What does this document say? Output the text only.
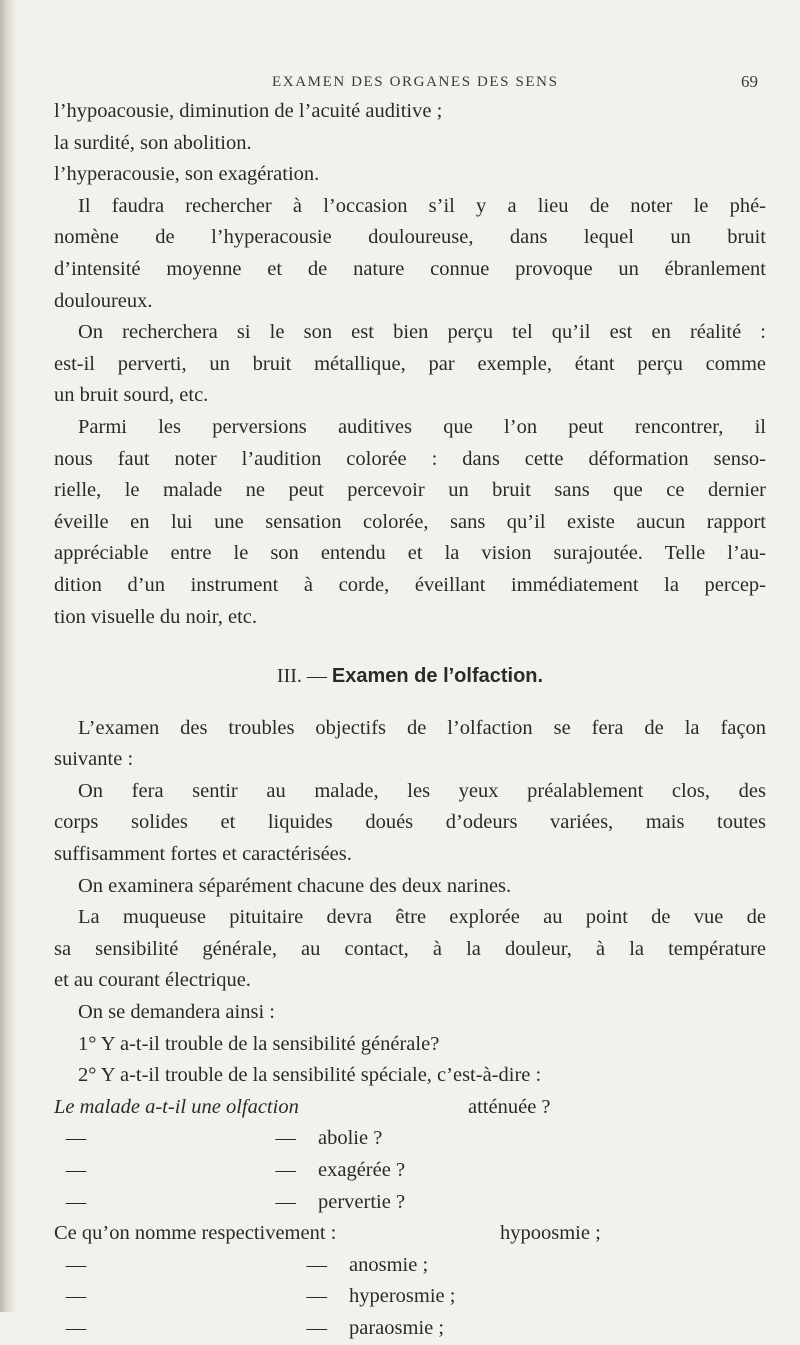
EXAMEN DES ORGANES DES SENS	69

l’hypoacousie, diminution de l’acuité auditive ;

la surdité, son abolition.

l’hyperacousie, son exagération.

Il faudra rechercher à l’occasion s’il y a lieu de noter le phé-

nomène de l’hyperacousie douloureuse, dans lequel un bruit

d’intensité moyenne et de nature connue provoque un ébranlement

douloureux.

On recherchera si le son est bien perçu tel qu’il est en réalité :

est-il perverti, un bruit métallique, par exemple, étant perçu comme

un bruit sourd, etc.

Parmi les perversions auditives que l’on peut rencontrer, il

nous faut noter l’audition colorée : dans cette déformation senso-

rielle, le malade ne peut percevoir un bruit sans que ce dernier

éveille en lui une sensation colorée, sans qu’il existe aucun rapport

appréciable entre le son entendu et la vision surajoutée. Telle l’au-

dition d’un instrument à corde, éveillant immédiatement la percep-

tion visuelle du noir, etc.

III. — Examen de l’olfaction.

L’examen des troubles objectifs de l’olfaction se fera de la façon

suivante :

On fera sentir au malade, les yeux préalablement clos, des

corps solides et liquides doués d’odeurs variées, mais toutes

suffisamment fortes et caractérisées.

On examinera séparément chacune des deux narines.

La muqueuse pituitaire devra être explorée au point de vue de

sa sensibilité générale, au contact, à la douleur, à la température

et au courant électrique.

On se demandera ainsi :

1° Y a-t-il trouble de la sensibilité générale?

2° Y a-t-il trouble de la sensibilité spéciale, c’est-à-dire :

Le malade a-t-il une olfaction	atténuée ?

—	—	abolie ?

—	—	exagérée ?

—	—	pervertie ?

Ce qu’on nomme respectivement :	hypoosmie ;

—	—	anosmie ;

—	—	hyperosmie ;

—	—	paraosmie ;
